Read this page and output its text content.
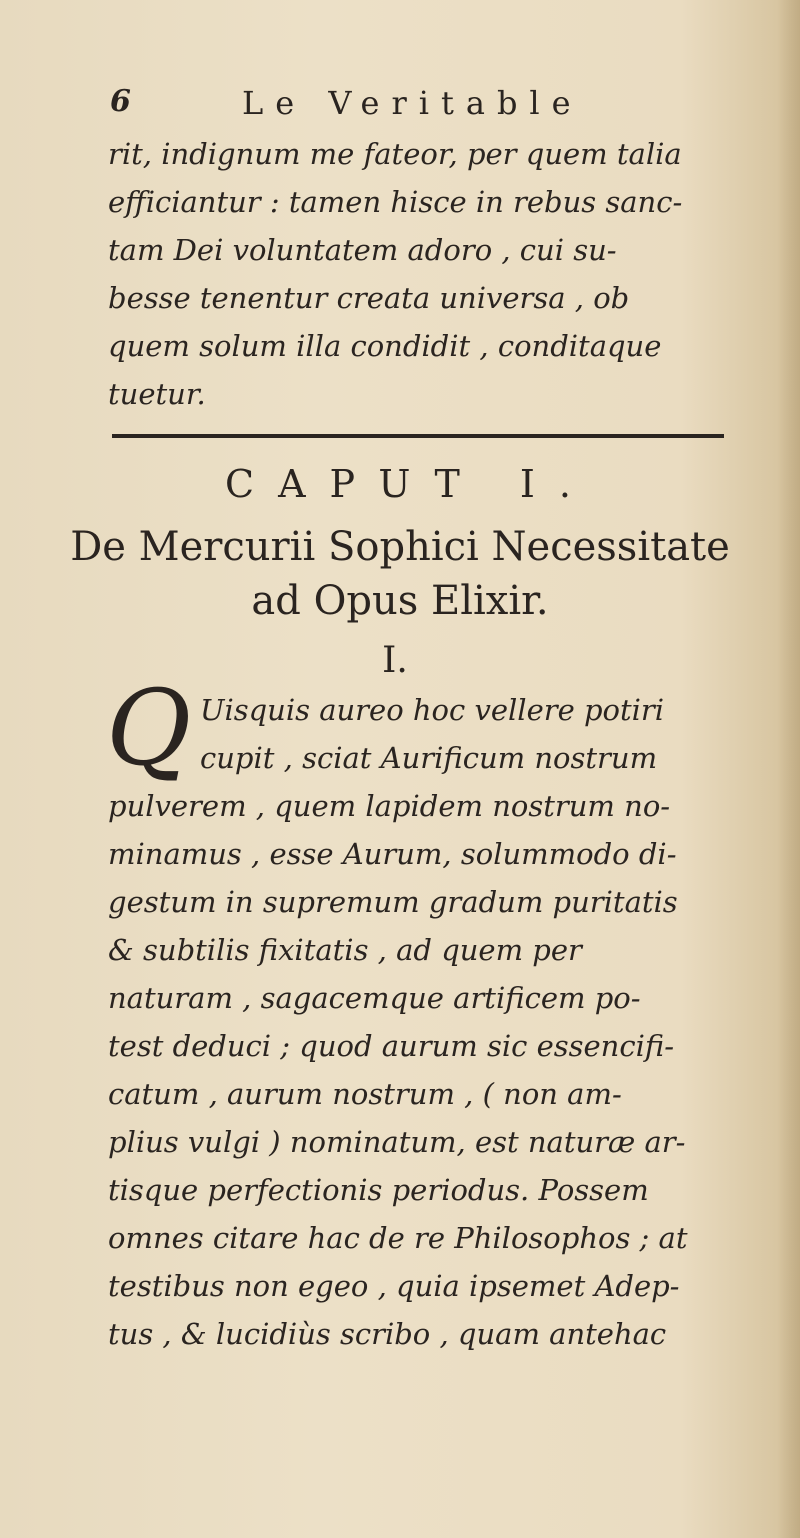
6	Le Veritable
rit, indignum me fateor, per quem talia
efficiantur : tamen hisce in rebus sanc-
tam Dei voluntatem adoro , cui su-
besse tenentur creata universa , ob
quem solum illa condidit , conditaque
tuetur.
CAPUT I.
De Mercurii Sophici Necessitate
ad Opus Elixir.
I.
Q Uisquis aureo hoc vellere potiri
cupit , sciat Aurificum nostrum
pulverem , quem lapidem nostrum no-
minamus , esse Aurum, solummodo di-
gestum in supremum gradum puritatis
& subtilis fixitatis , ad quem per
naturam , sagacemque artificem po-
test deduci ; quod aurum sic essencifi-
catum , aurum nostrum , ( non am-
plius vulgi ) nominatum, est naturæ ar-
tisque perfectionis periodus. Possem
omnes citare hac de re Philosophos ; at
testibus non egeo , quia ipsemet Adep-
tus , & lucidiùs scribo , quam antehac
